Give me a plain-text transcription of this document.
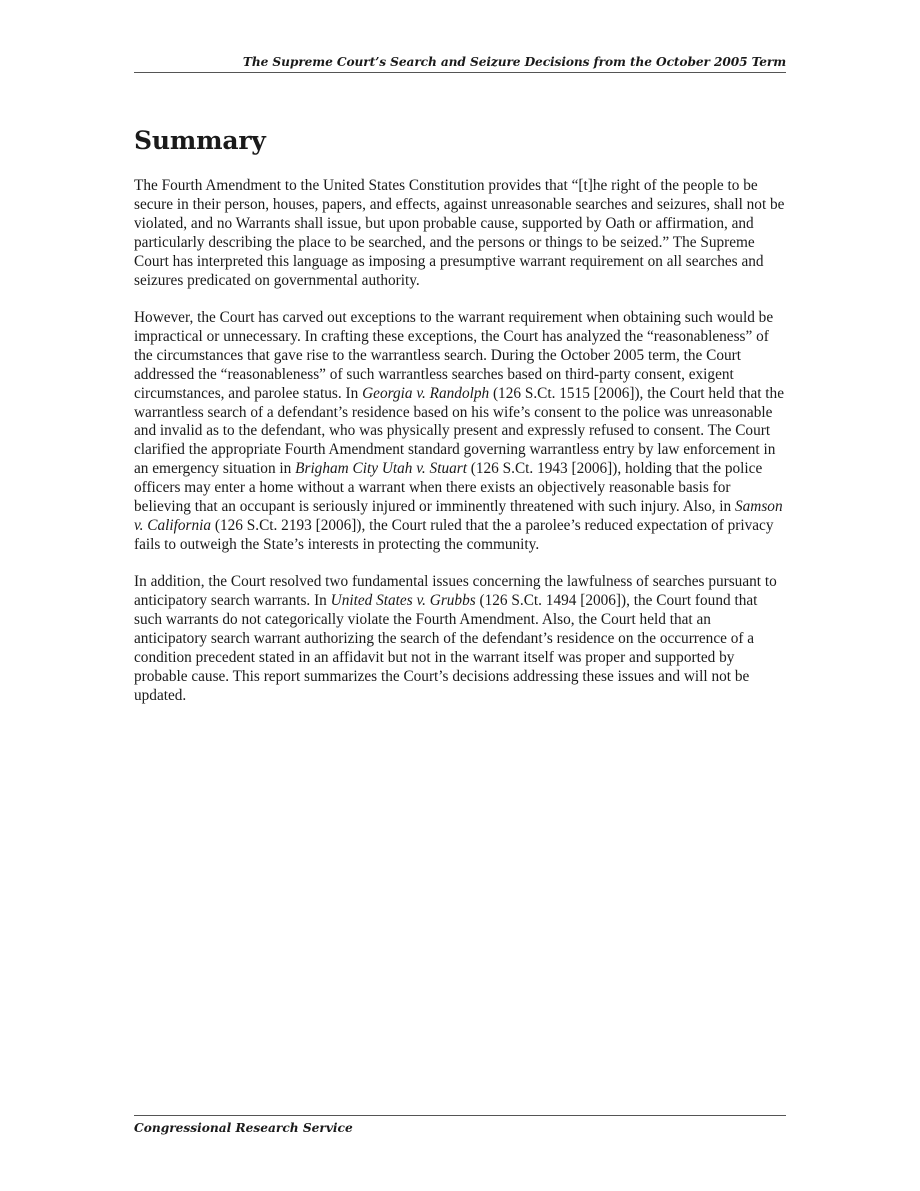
The Supreme Court’s Search and Seizure Decisions from the October 2005 Term
Summary

The Fourth Amendment to the United States Constitution provides that “[t]he right of the people to be secure in their person, houses, papers, and effects, against unreasonable searches and seizures, shall not be violated, and no Warrants shall issue, but upon probable cause, supported by Oath or affirmation, and particularly describing the place to be searched, and the persons or things to be seized.” The Supreme Court has interpreted this language as imposing a presumptive warrant requirement on all searches and seizures predicated on governmental authority.

However, the Court has carved out exceptions to the warrant requirement when obtaining such would be impractical or unnecessary. In crafting these exceptions, the Court has analyzed the “reasonableness” of the circumstances that gave rise to the warrantless search. During the October 2005 term, the Court addressed the “reasonableness” of such warrantless searches based on third-party consent, exigent circumstances, and parolee status. In Georgia v. Randolph (126 S.Ct. 1515 [2006]), the Court held that the warrantless search of a defendant’s residence based on his wife’s consent to the police was unreasonable and invalid as to the defendant, who was physically present and expressly refused to consent. The Court clarified the appropriate Fourth Amendment standard governing warrantless entry by law enforcement in an emergency situation in Brigham City Utah v. Stuart (126 S.Ct. 1943 [2006]), holding that the police officers may enter a home without a warrant when there exists an objectively reasonable basis for believing that an occupant is seriously injured or imminently threatened with such injury. Also, in Samson v. California (126 S.Ct. 2193 [2006]), the Court ruled that the a parolee’s reduced expectation of privacy fails to outweigh the State’s interests in protecting the community.

In addition, the Court resolved two fundamental issues concerning the lawfulness of searches pursuant to anticipatory search warrants. In United States v. Grubbs (126 S.Ct. 1494 [2006]), the Court found that such warrants do not categorically violate the Fourth Amendment. Also, the Court held that an anticipatory search warrant authorizing the search of the defendant’s residence on the occurrence of a condition precedent stated in an affidavit but not in the warrant itself was proper and supported by probable cause. This report summarizes the Court’s decisions addressing these issues and will not be updated.

Congressional Research Service
